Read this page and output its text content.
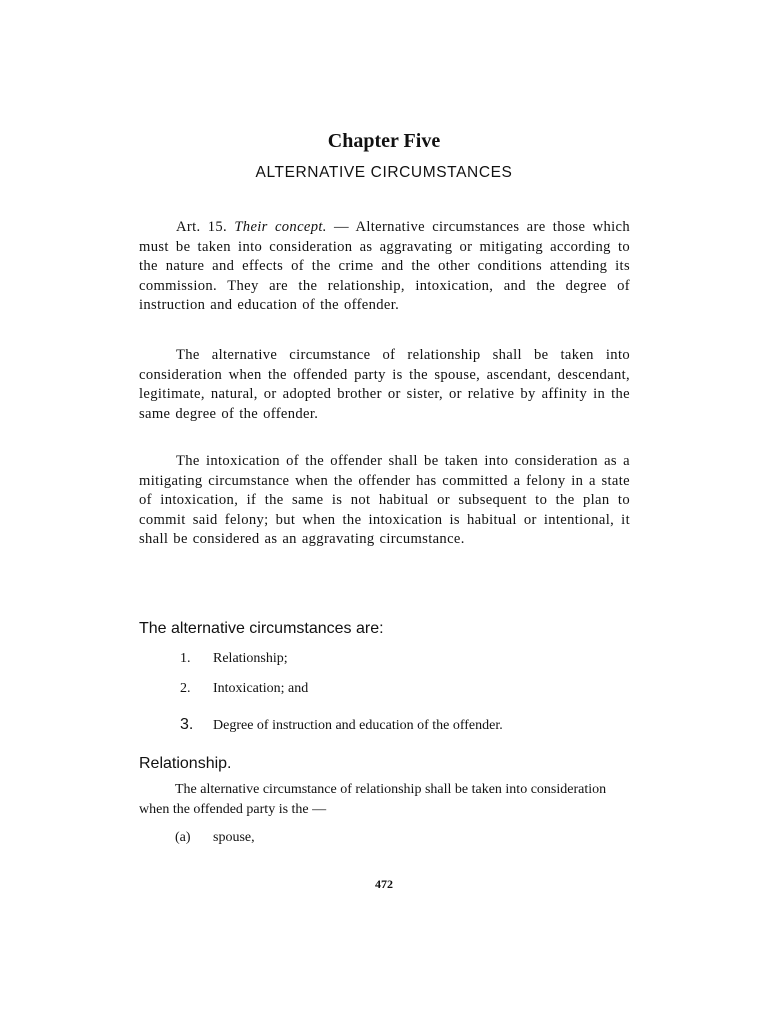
Chapter Five
ALTERNATIVE CIRCUMSTANCES

Art. 15. Their concept. — Alternative circumstances are those which must be taken into consideration as aggravating or mitigating according to the nature and effects of the crime and the other conditions attending its commission. They are the relationship, intoxication, and the degree of instruction and education of the offender.

The alternative circumstance of relationship shall be taken into consideration when the offended party is the spouse, ascendant, descendant, legitimate, natural, or adopted brother or sister, or relative by affinity in the same degree of the offender.

The intoxication of the offender shall be taken into consideration as a mitigating circumstance when the offender has committed a felony in a state of intoxication, if the same is not habitual or subsequent to the plan to commit said felony; but when the intoxication is habitual or intentional, it shall be considered as an aggravating circumstance.

The alternative circumstances are:
1. Relationship;
2. Intoxication; and
3. Degree of instruction and education of the offender.
Relationship.

The alternative circumstance of relationship shall be taken into consideration when the offended party is the —

(a) spouse,
472
